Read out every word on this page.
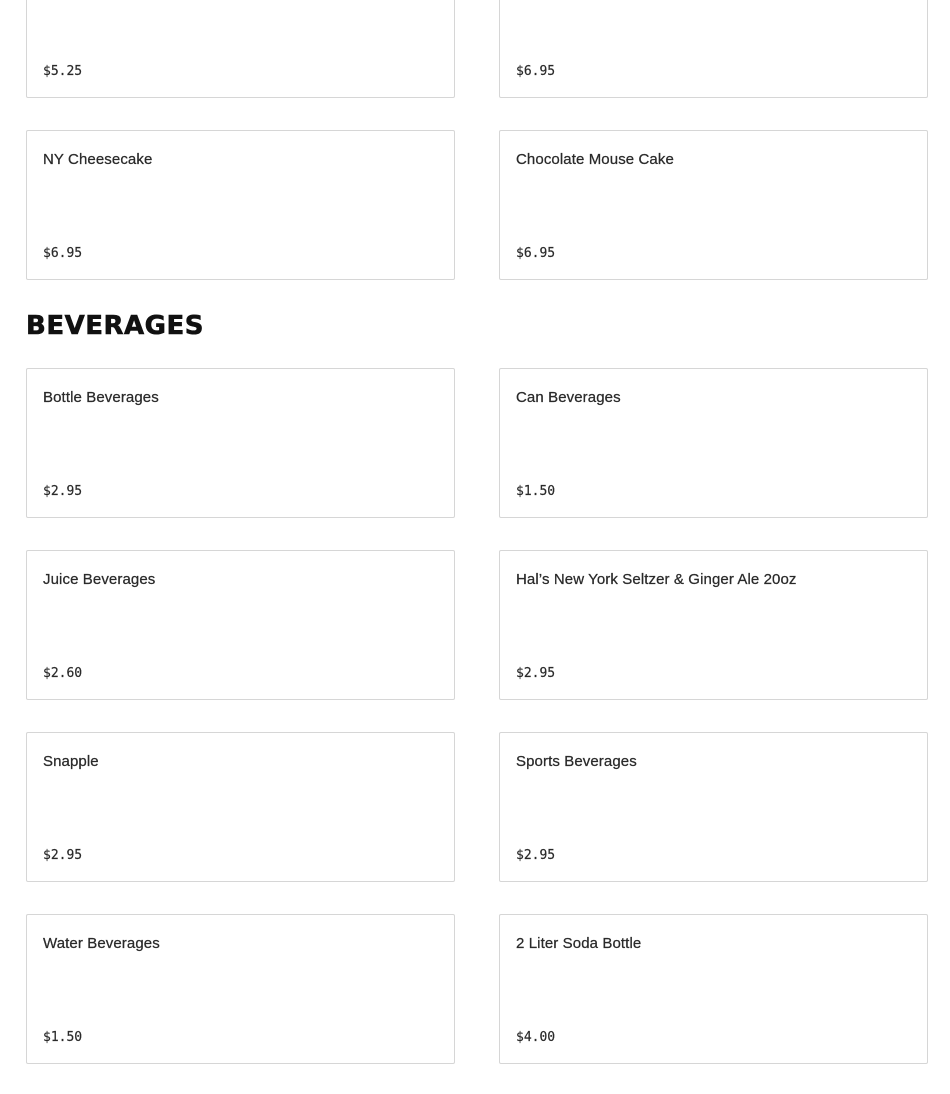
$5.25	$6.95
NY Cheesecake
$6.95
Chocolate Mouse Cake
$6.95
BEVERAGES
Bottle Beverages
$2.95
Can Beverages
$1.50
Juice Beverages
$2.60
Hal’s New York Seltzer & Ginger Ale 20oz
$2.95
Snapple
$2.95
Sports Beverages
$2.95
Water Beverages
$1.50
2 Liter Soda Bottle
$4.00
